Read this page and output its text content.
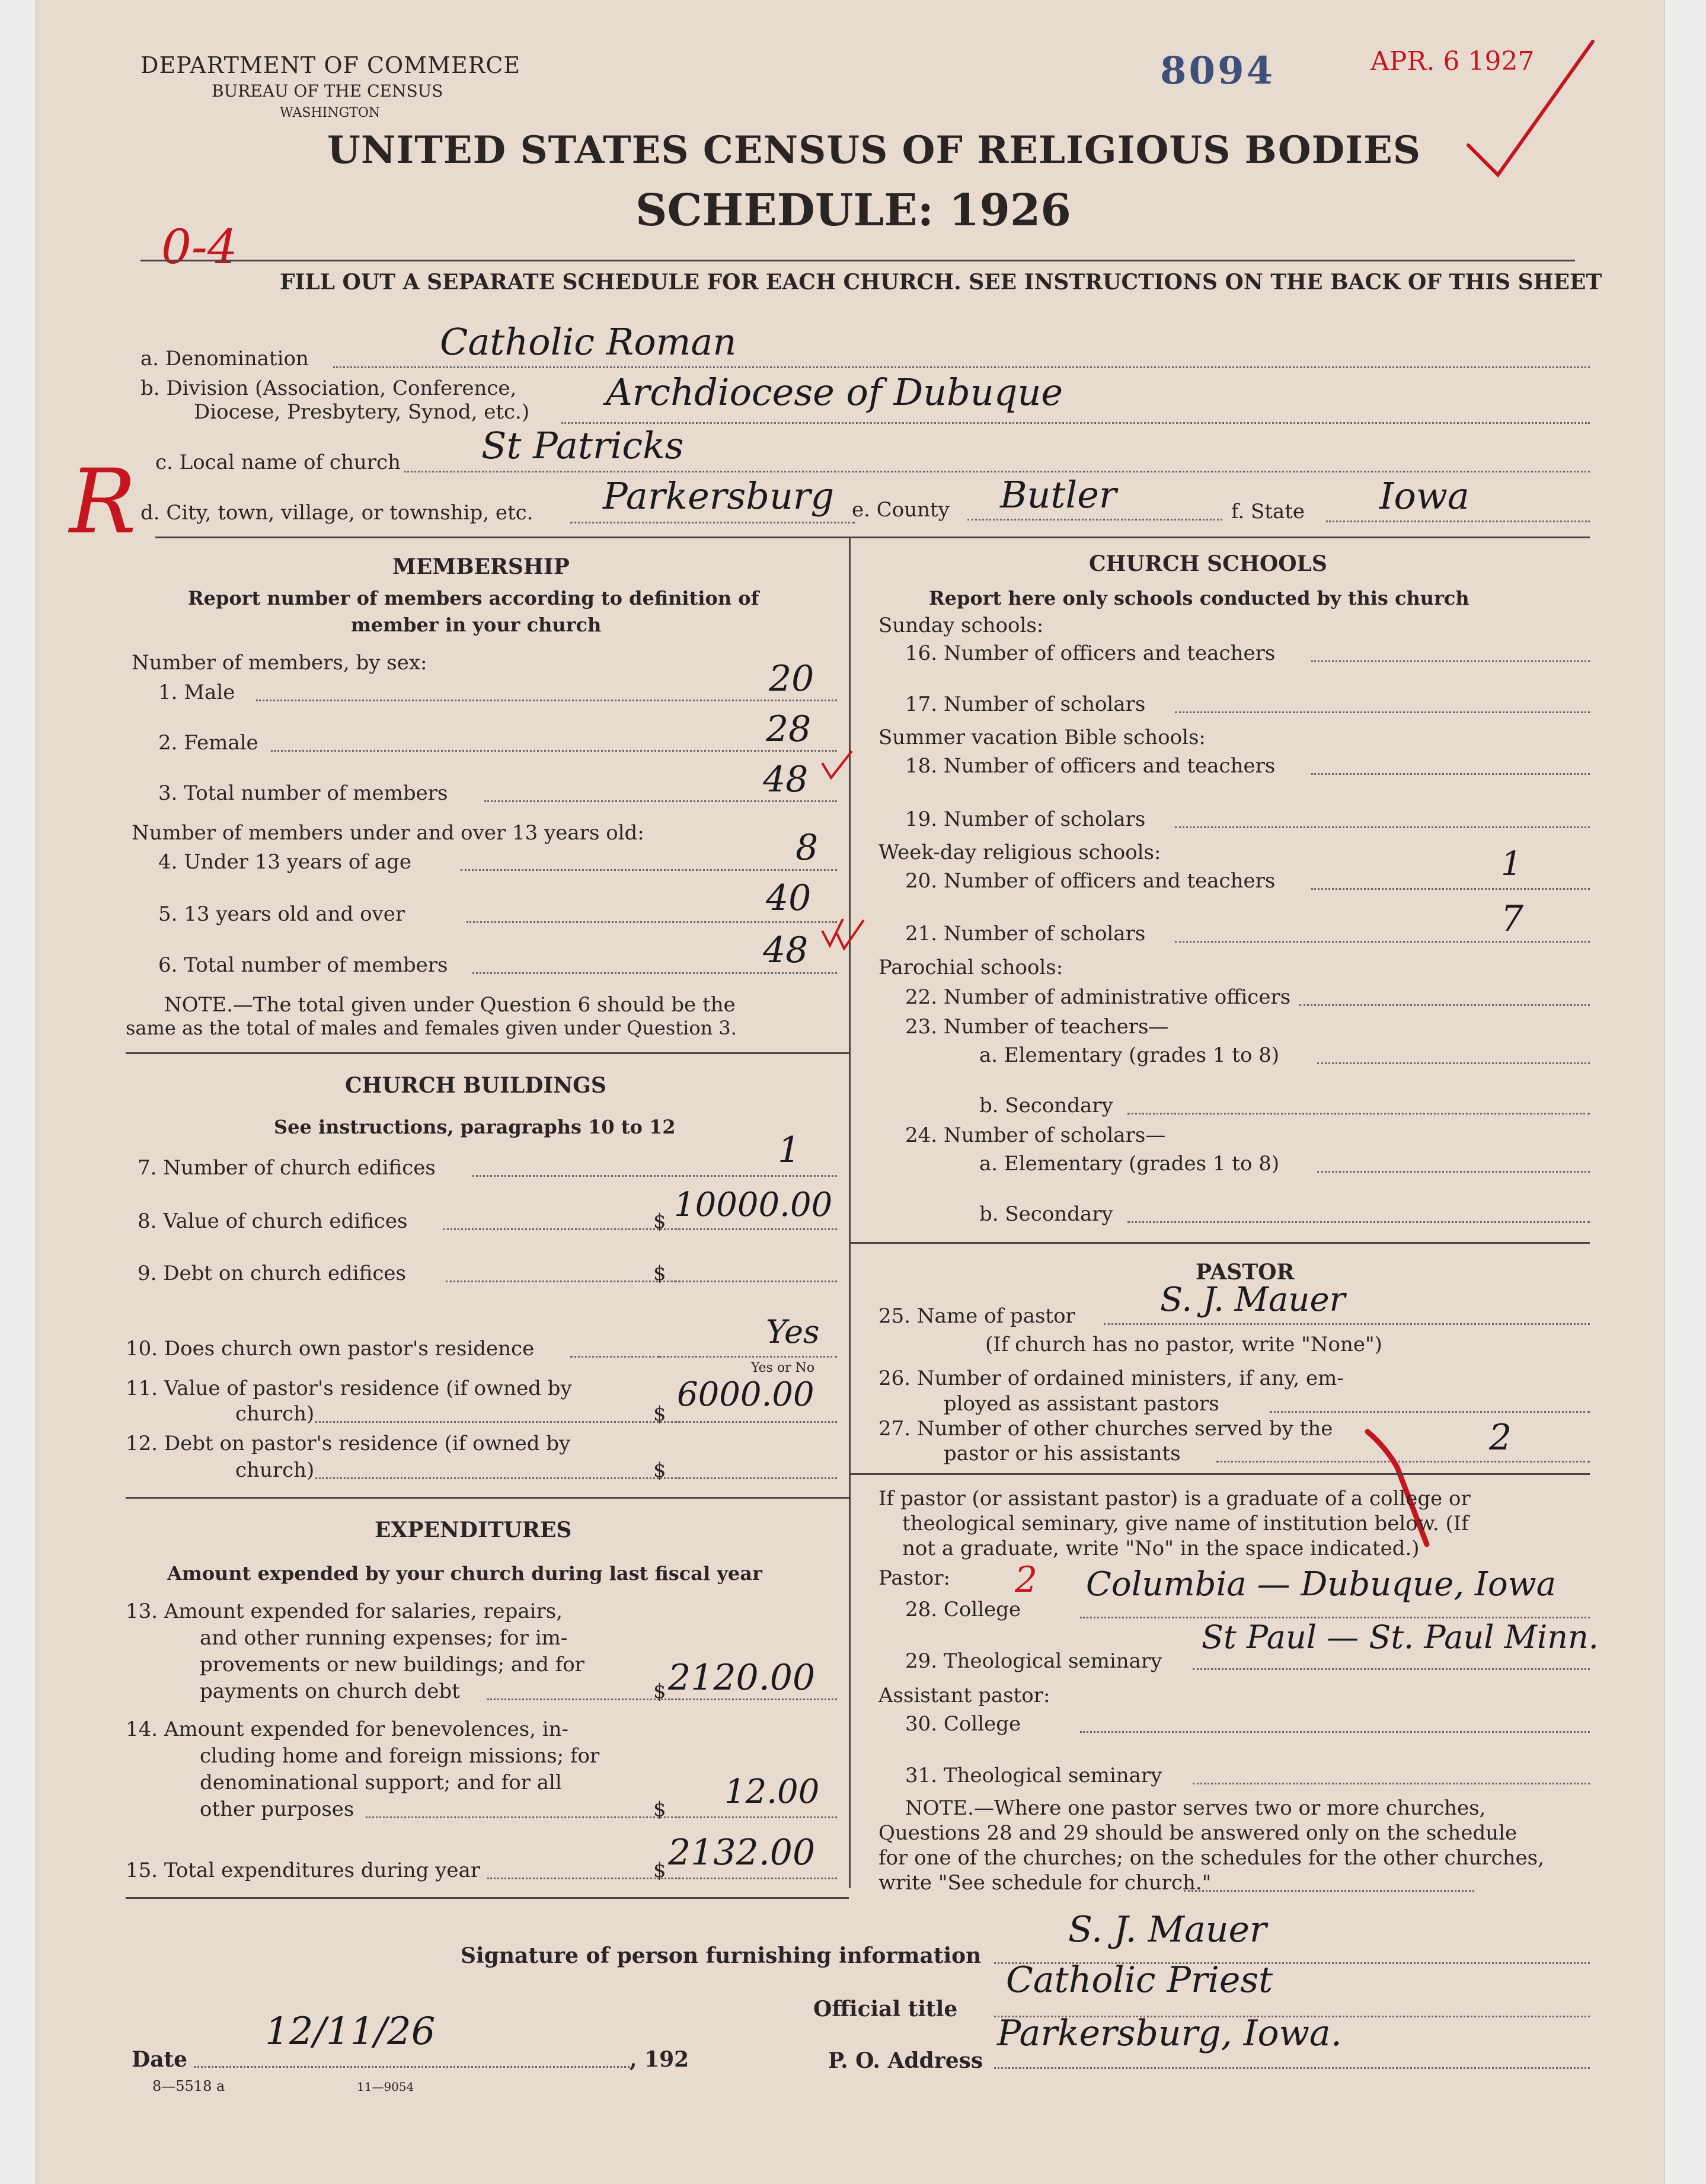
DEPARTMENT OF COMMERCE
BUREAU OF THE CENSUS
WASHINGTON
8094	APR. 6 1927
UNITED STATES CENSUS OF RELIGIOUS BODIES
SCHEDULE: 1926
0-4
FILL OUT A SEPARATE SCHEDULE FOR EACH CHURCH. SEE INSTRUCTIONS ON THE BACK OF THIS SHEET
R
a. Denomination	Catholic Roman
b. Division (Association, Conference,
Diocese, Presbytery, Synod, etc.) Archdiocese of Dubuque
c. Local name of church St Patricks
d. City, town, village, or township, etc. Parkersburg e. County Butler	f. State Iowa
MEMBERSHIP
Report number of members according to definition of
member in your church
Number of members, by sex:
1. Male	20
2. Female	28
3. Total number of members	48
Number of members under and over 13 years old:
4. Under 13 years of age	8
5. 13 years old and over	40
6. Total number of members	48
NOTE.—The total given under Question 6 should be the
same as the total of males and females given under Question 3.
CHURCH BUILDINGS
See instructions, paragraphs 10 to 12
7. Number of church edifices	1
8. Value of church edifices	$ 10000.00
9. Debt on church edifices	$
10. Does church own pastor's residence	Yes
Yes or No
11. Value of pastor's residence (if owned by
church)	$ 6000.00
12. Debt on pastor's residence (if owned by
church)	$
EXPENDITURES
Amount expended by your church during last fiscal year
13. Amount expended for salaries, repairs,
and other running expenses; for im-
provements or new buildings; and for
payments on church debt	$ 2120.00
14. Amount expended for benevolences, in-
cluding home and foreign missions; for
denominational support; and for all
other purposes	$ 12.00
15. Total expenditures during year	$ 2132.00
CHURCH SCHOOLS
Report here only schools conducted by this church
Sunday schools:
16. Number of officers and teachers
17. Number of scholars
Summer vacation Bible schools:
18. Number of officers and teachers
19. Number of scholars
Week-day religious schools:
20. Number of officers and teachers	1
21. Number of scholars	7
Parochial schools:
22. Number of administrative officers
23. Number of teachers—
a. Elementary (grades 1 to 8)
b. Secondary
24. Number of scholars—
a. Elementary (grades 1 to 8)
b. Secondary
PASTOR
25. Name of pastor	S. J. Mauer
(If church has no pastor, write "None")
26. Number of ordained ministers, if any, em-
ployed as assistant pastors
27. Number of other churches served by the
pastor or his assistants	2
If pastor (or assistant pastor) is a graduate of a college or
theological seminary, give name of institution below. (If
not a graduate, write "No" in the space indicated.)
Pastor: 2
28. College
Columbia — Dubuque, Iowa
29. Theological seminary
St Paul — St. Paul Minn.
Assistant pastor:
30. College
31. Theological seminary
NOTE.—Where one pastor serves two or more churches,
Questions 28 and 29 should be answered only on the schedule
for one of the churches; on the schedules for the other churches,
write "See schedule for church."
Signature of person furnishing information
S. J. Mauer
Official title
Catholic Priest
Date
12/11/26
, 192	P. O. Address
Parkersburg, Iowa.
8—5518 a	11—9054
